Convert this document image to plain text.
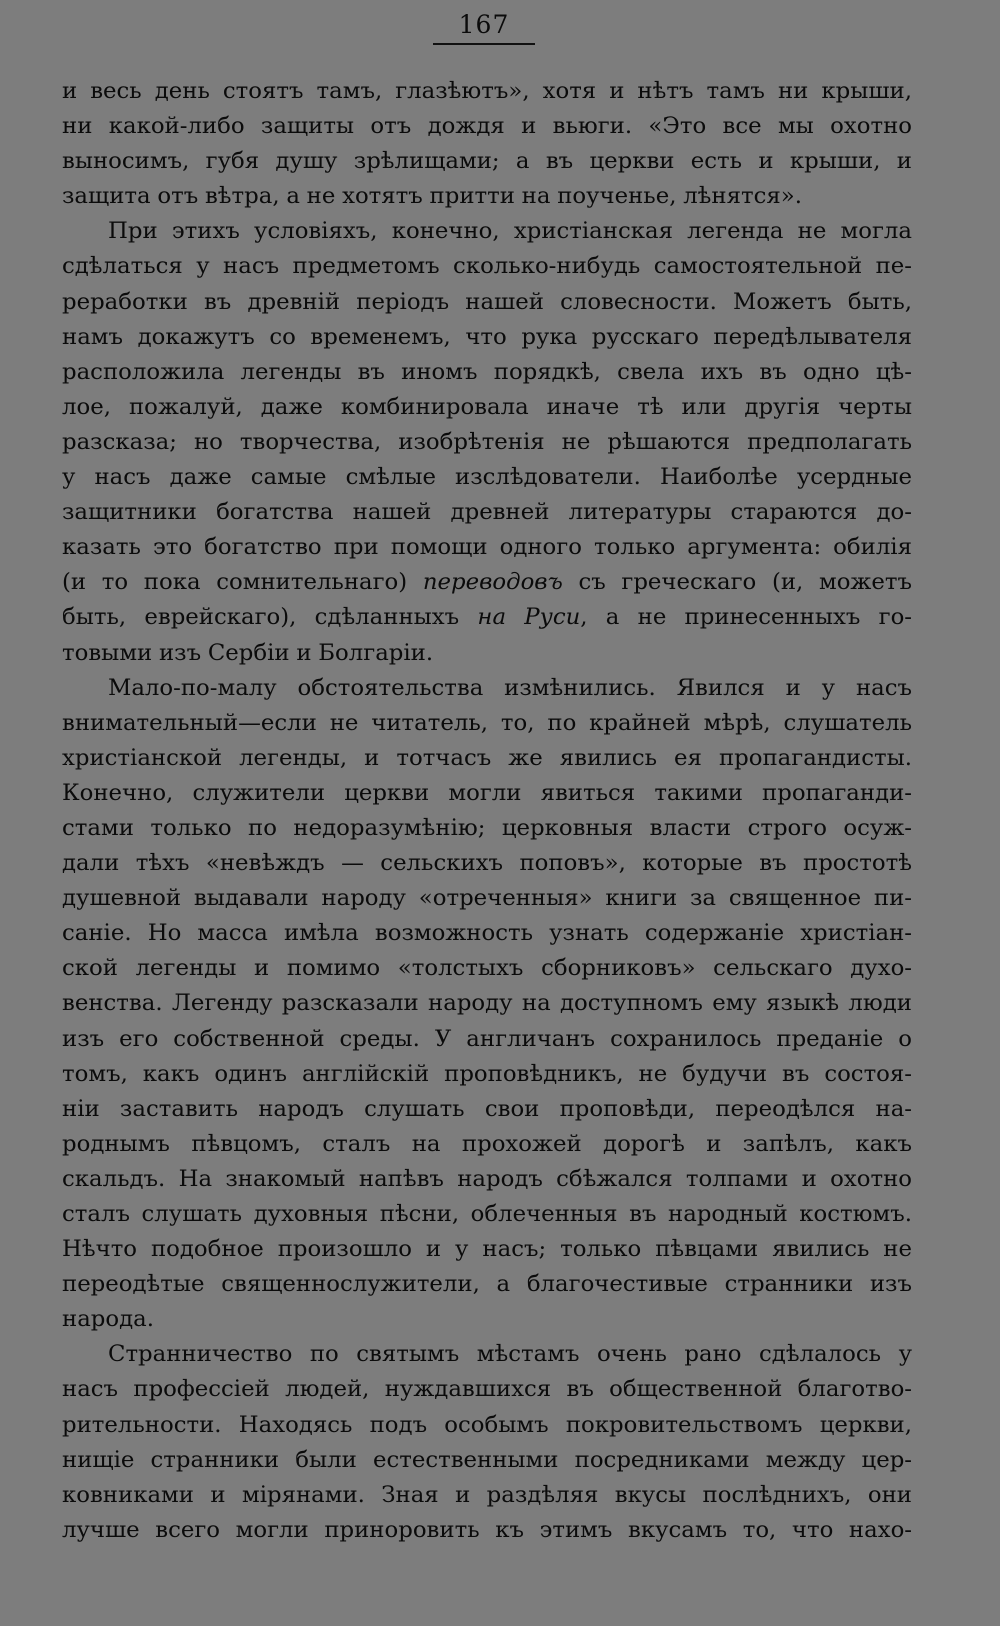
167
и весь день стоятъ тамъ, глазѣютъ», хотя и нѣтъ тамъ ни крыши,
ни какой-либо защиты отъ дождя и вьюги. «Это все мы охотно
выносимъ, губя душу зрѣлищами; а въ церкви есть и крыши, и
защита отъ вѣтра, а не хотятъ притти на поученье, лѣнятся».
При этихъ условіяхъ, конечно, христіанская легенда не могла
сдѣлаться у насъ предметомъ сколько-нибудь самостоятельной пе-
реработки въ древній періодъ нашей словесности. Можетъ быть,
намъ докажутъ со временемъ, что рука русскаго передѣлывателя
расположила легенды въ иномъ порядкѣ, свела ихъ въ одно цѣ-
лое, пожалуй, даже комбинировала иначе тѣ или другія черты
разсказа; но творчества, изобрѣтенія не рѣшаются предполагать
у насъ даже самые смѣлые изслѣдователи. Наиболѣе усердные
защитники богатства нашей древней литературы стараются до-
казать это богатство при помощи одного только аргумента: обилія
(и то пока сомнительнаго) переводовъ съ греческаго (и, можетъ
быть, еврейскаго), сдѣланныхъ на Руси, а не принесенныхъ го-
товыми изъ Сербіи и Болгаріи.
Мало-по-малу обстоятельства измѣнились. Явился и у насъ
внимательный—если не читатель, то, по крайней мѣрѣ, слушатель
христіанской легенды, и тотчасъ же явились ея пропагандисты.
Конечно, служители церкви могли явиться такими пропаганди-
стами только по недоразумѣнію; церковныя власти строго осуж-
дали тѣхъ «невѣждъ — сельскихъ поповъ», которые въ простотѣ
душевной выдавали народу «отреченныя» книги за священное пи-
саніе. Но масса имѣла возможность узнать содержаніе христіан-
ской легенды и помимо «толстыхъ сборниковъ» сельскаго духо-
венства. Легенду разсказали народу на доступномъ ему языкѣ люди
изъ его собственной среды. У англичанъ сохранилось преданіе о
томъ, какъ одинъ англійскій проповѣдникъ, не будучи въ состоя-
ніи заставить народъ слушать свои проповѣди, переодѣлся на-
роднымъ пѣвцомъ, сталъ на прохожей дорогѣ и запѣлъ, какъ
скальдъ. На знакомый напѣвъ народъ сбѣжался толпами и охотно
сталъ слушать духовныя пѣсни, облеченныя въ народный костюмъ.
Нѣчто подобное произошло и у насъ; только пѣвцами явились не
переодѣтые священнослужители, а благочестивые странники изъ
народа.
Странничество по святымъ мѣстамъ очень рано сдѣлалось у
насъ профессіей людей, нуждавшихся въ общественной благотво-
рительности. Находясь подъ особымъ покровительствомъ церкви,
нищіе странники были естественными посредниками между цер-
ковниками и мірянами. Зная и раздѣляя вкусы послѣднихъ, они
лучше всего могли приноровить къ этимъ вкусамъ то, что нахо-
